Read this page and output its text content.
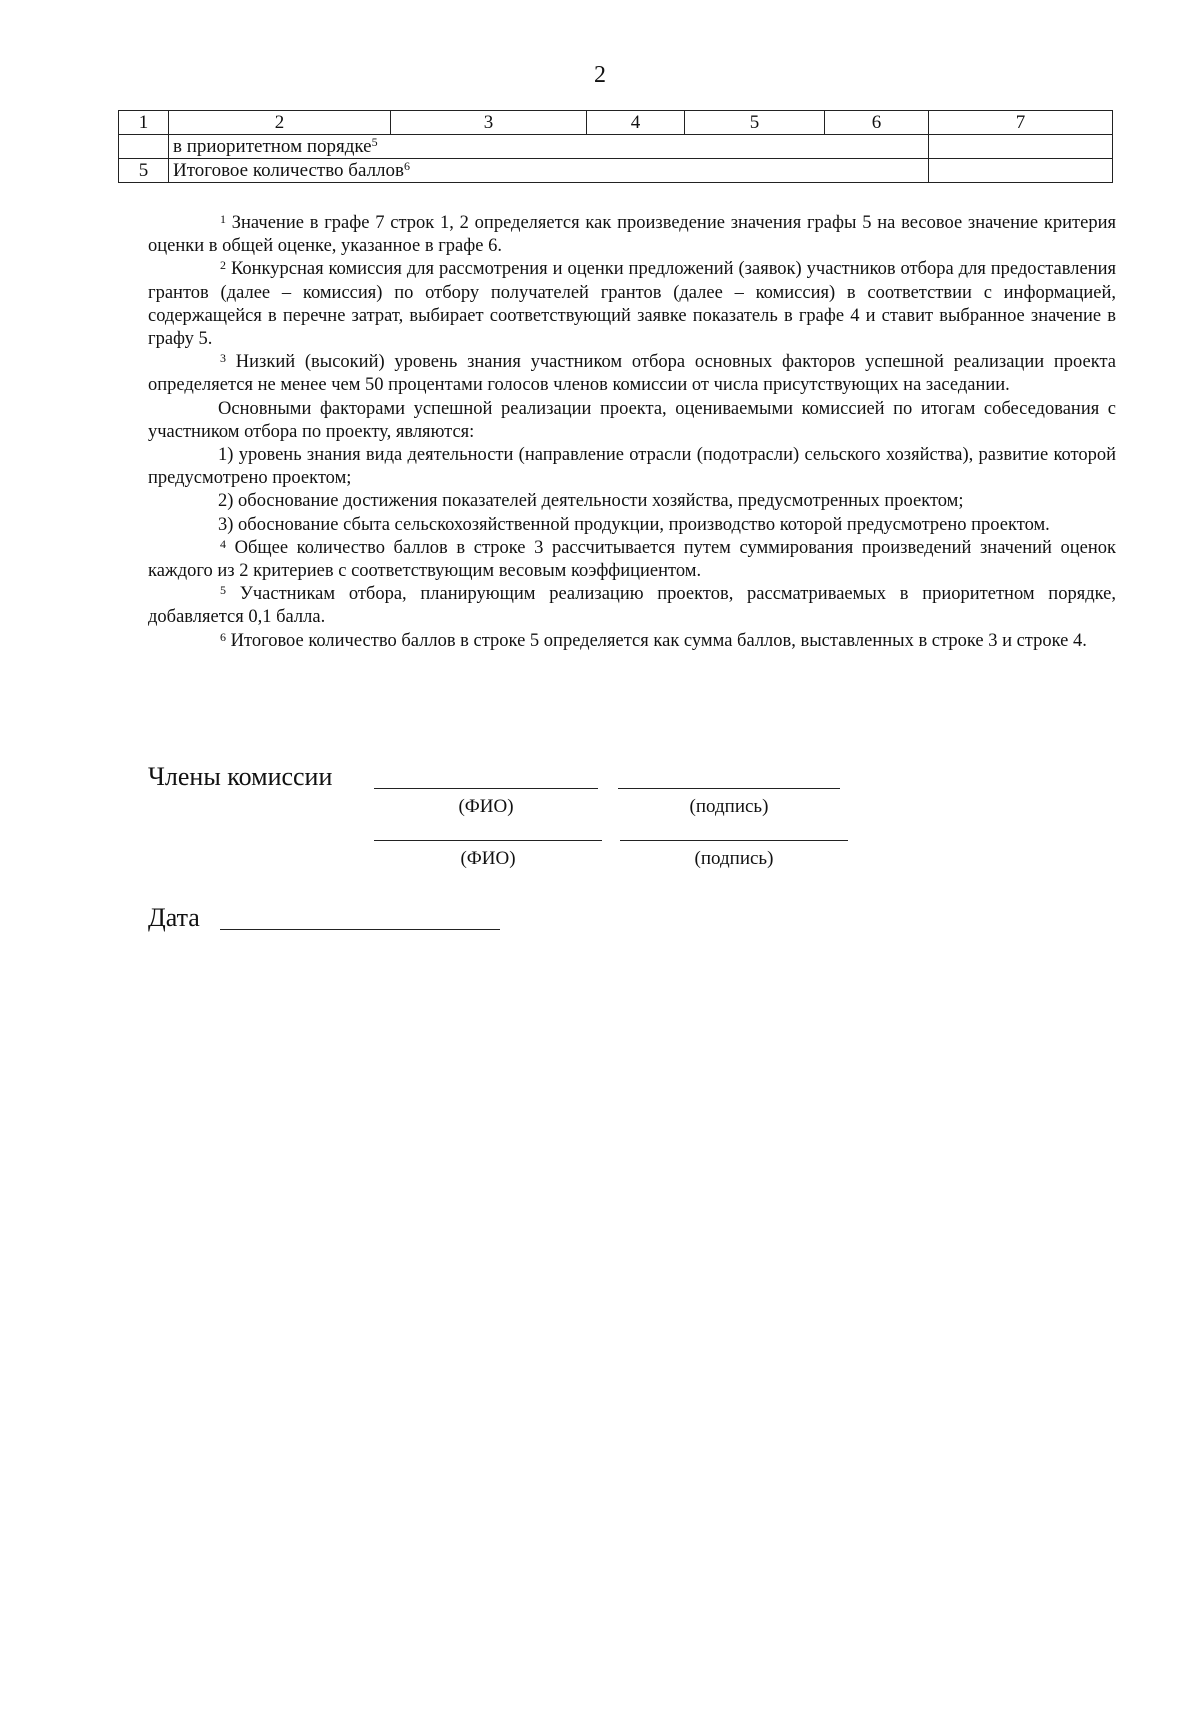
2
1	2	3	4	5	6	7
	в приоритетном порядке$^5$	
5	Итоговое количество баллов$^6$	

$^1$ Значение в графе 7 строк 1, 2 определяется как произведение значения графы 5 на весовое значение критерия оценки в общей оценке, указанное в графе 6.

$^2$ Конкурсная комиссия для рассмотрения и оценки предложений (заявок) участников отбора для предоставления грантов (далее – комиссия) по отбору получателей грантов (далее – комиссия) в соответствии с информацией, содержащейся в перечне затрат, выбирает соответствующий заявке показатель в графе 4 и ставит выбранное значение в графу 5.

$^3$ Низкий (высокий) уровень знания участником отбора основных факторов успешной реализации проекта определяется не менее чем 50 процентами голосов членов комиссии от числа присутствующих на заседании.

Основными факторами успешной реализации проекта, оцениваемыми комиссией по итогам собеседования с участником отбора по проекту, являются:

1) уровень знания вида деятельности (направление отрасли (подотрасли) сельского хозяйства), развитие которой предусмотрено проектом;

2) обоснование достижения показателей деятельности хозяйства, предусмотренных проектом;

3) обоснование сбыта сельскохозяйственной продукции, производство которой предусмотрено проектом.

$^4$ Общее количество баллов в строке 3 рассчитывается путем суммирования произведений значений оценок каждого из 2 критериев с соответствующим весовым коэффициентом.

$^5$ Участникам отбора, планирующим реализацию проектов, рассматриваемых в приоритетном порядке, добавляется 0,1 балла.

$^6$ Итоговое количество баллов в строке 5 определяется как сумма баллов, выставленных в строке 3 и строке 4.

Члены комиссии
(ФИО)	(подпись)
(ФИО)	(подпись)
Дата
